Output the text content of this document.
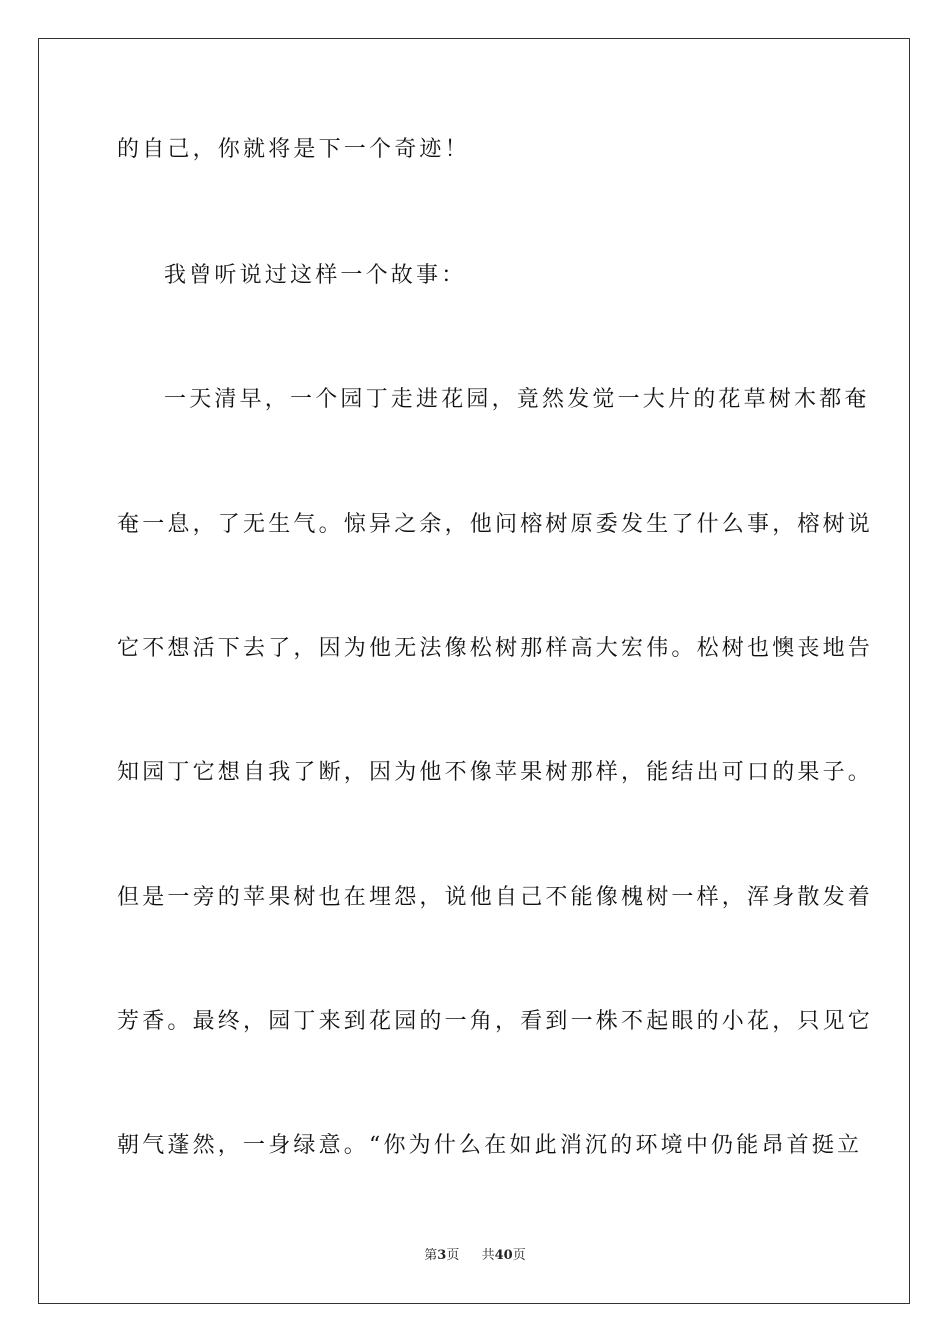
的自己，你就将是下一个奇迹！
我曾听说过这样一个故事：
一天清早，一个园丁走进花园，竟然发觉一大片的花草树木都奄
奄一息，了无生气。惊异之余，他问榕树原委发生了什么事，榕树说
它不想活下去了，因为他无法像松树那样高大宏伟。松树也懊丧地告
知园丁它想自我了断，因为他不像苹果树那样，能结出可口的果子。
但是一旁的苹果树也在埋怨，说他自己不能像槐树一样，浑身散发着
芳香。最终，园丁来到花园的一角，看到一株不起眼的小花，只见它
朝气蓬然，一身绿意。“你为什么在如此消沉的环境中仍能昂首挺立
第3页 共40页
